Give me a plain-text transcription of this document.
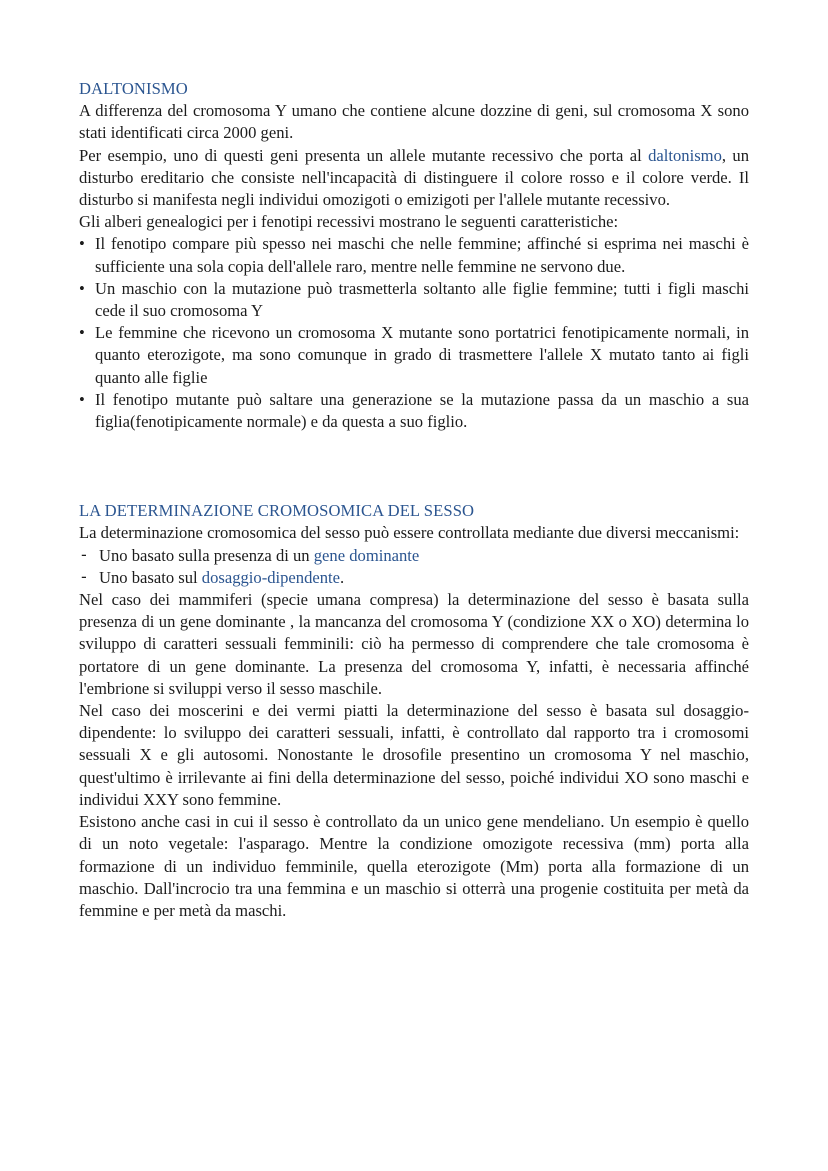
DALTONISMO

A differenza del cromosoma Y umano che contiene alcune dozzine di geni, sul cromosoma X sono stati identificati circa 2000 geni.

Per esempio, uno di questi geni presenta un allele mutante recessivo che porta al daltonismo, un disturbo ereditario che consiste nell'incapacità di distinguere il colore rosso e il colore verde. Il disturbo si manifesta negli individui omozigoti o emizigoti per l'allele mutante recessivo.

Gli alberi genealogici per i fenotipi recessivi mostrano le seguenti caratteristiche:

• Il fenotipo compare più spesso nei maschi che nelle femmine; affinché si esprima nei maschi è sufficiente una sola copia dell'allele raro, mentre nelle femmine ne servono due.
• Un maschio con la mutazione può trasmetterla soltanto alle figlie femmine; tutti i figli maschi cede il suo cromosoma Y
• Le femmine che ricevono un cromosoma X mutante sono portatrici fenotipicamente normali, in quanto eterozigote, ma sono comunque in grado di trasmettere l'allele X mutato tanto ai figli quanto alle figlie
• Il fenotipo mutante può saltare una generazione se la mutazione passa da un maschio a sua figlia(fenotipicamente normale) e da questa a suo figlio.
LA DETERMINAZIONE CROMOSOMICA DEL SESSO

La determinazione cromosomica del sesso può essere controllata mediante due diversi meccanismi:

- Uno basato sulla presenza di un gene dominante
- Uno basato sul dosaggio-dipendente.

Nel caso dei mammiferi (specie umana compresa) la determinazione del sesso è basata sulla presenza di un gene dominante , la mancanza del cromosoma Y (condizione XX o XO) determina lo sviluppo di caratteri sessuali femminili: ciò ha permesso di comprendere che tale cromosoma è portatore di un gene dominante. La presenza del cromosoma Y, infatti, è necessaria affinché l'embrione si sviluppi verso il sesso maschile.

Nel caso dei moscerini e dei vermi piatti la determinazione del sesso è basata sul dosaggio-dipendente: lo sviluppo dei caratteri sessuali, infatti, è controllato dal rapporto tra i cromosomi sessuali X e gli autosomi. Nonostante le drosofile presentino un cromosoma Y nel maschio, quest'ultimo è irrilevante ai fini della determinazione del sesso, poiché individui XO sono maschi e individui XXY sono femmine.

Esistono anche casi in cui il sesso è controllato da un unico gene mendeliano. Un esempio è quello di un noto vegetale: l'asparago. Mentre la condizione omozigote recessiva (mm) porta alla formazione di un individuo femminile, quella eterozigote (Mm) porta alla formazione di un maschio. Dall'incrocio tra una femmina e un maschio si otterrà una progenie costituita per metà da femmine e per metà da maschi.
